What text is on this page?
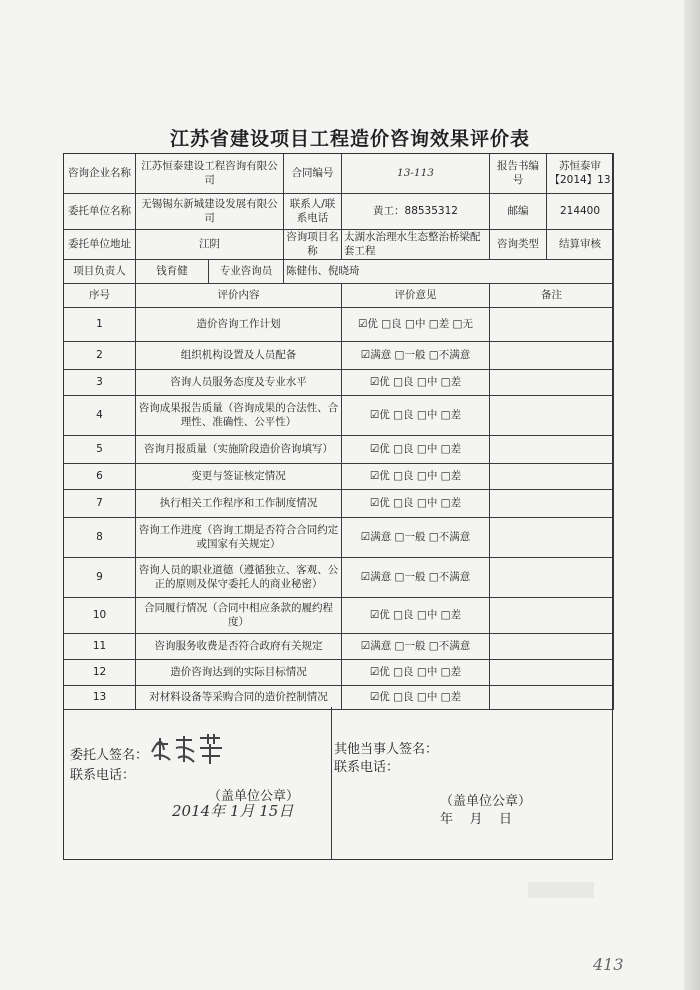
江苏省建设项目工程造价咨询效果评价表
咨询企业名称	江苏恒泰建设工程咨询有限公司		合同编号	13-113	报告书编号	苏恒泰审【2014】13
委托单位名称	无锡锡东新城建设发展有限公司		联系人/联系电话	黄工：88535312	邮编	214400
委托单位地址	江阴		咨询项目名称	太湖水治理水生态整治桥梁配套工程	咨询类型	结算审核
项目负责人	钱育健	专业咨询员	陈健伟、倪晓琦			
序号	评价内容			评价意见	备注	
1	造价咨询工作计划			☑优 □良 □中 □差 □无		
2	组织机构设置及人员配备			☑满意 □一般 □不满意		
3	咨询人员服务态度及专业水平			☑优 □良 □中 □差		
4	咨询成果报告质量（咨询成果的合法性、合理性、准确性、公平性）			☑优 □良 □中 □差		
5	咨询月报质量（实施阶段造价咨询填写）			☑优 □良 □中 □差		
6	变更与签证核定情况			☑优 □良 □中 □差		
7	执行相关工作程序和工作制度情况			☑优 □良 □中 □差		
8	咨询工作进度（咨询工期是否符合合同约定或国家有关规定）			☑满意 □一般 □不满意		
9	咨询人员的职业道德（遵循独立、客观、公正的原则及保守委托人的商业秘密）			☑满意 □一般 □不满意		
10	合同履行情况（合同中相应条款的履约程度）			☑优 □良 □中 □差		
11	咨询服务收费是否符合政府有关规定			☑满意 □一般 □不满意		
12	造价咨询达到的实际目标情况			☑优 □良 □中 □差		
13	对材料设备等采购合同的造价控制情况			☑优 □良 □中 □差		
委托人签名：
联系电话：
（盖单位公章）
2014年 1月 15日
其他当事人签名：
联系电话：
（盖单位公章）
年    月    日
413
